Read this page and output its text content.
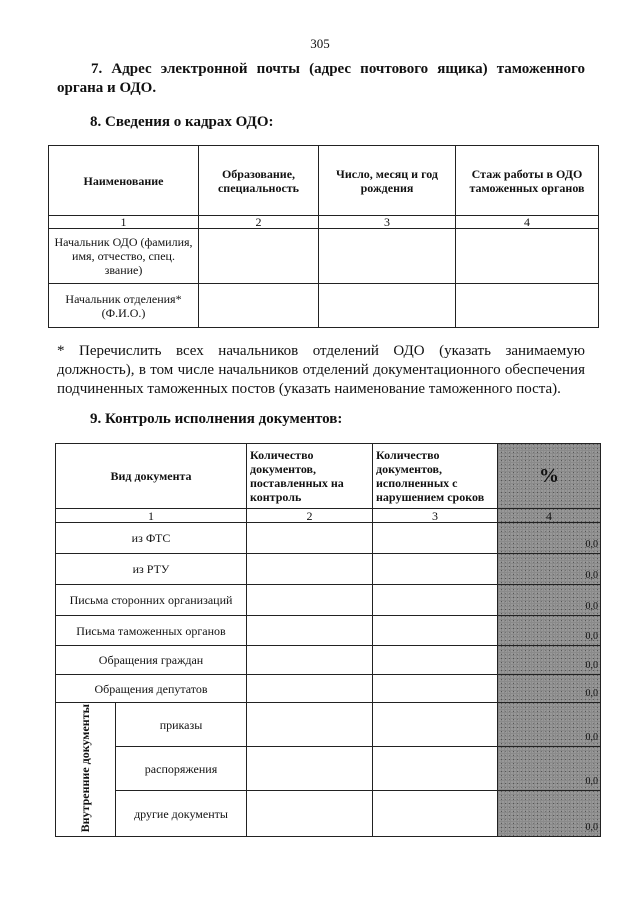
305

7. Адрес электронной почты (адрес почтового ящика) таможенного органа и ОДО.

8. Сведения о кадрах ОДО:
Наименование	Образование, специальность	Число, месяц и год рождения	Стаж работы в ОДО таможенных органов
1	2	3	4
Начальник ОДО (фамилия, имя, отчество, спец. звание)			
Начальник отделения* (Ф.И.О.)			

* Перечислить всех начальников отделений ОДО (указать занимаемую должность), в том числе начальников отделений документационного обеспечения подчиненных таможенных постов (указать наименование таможенного поста).

9. Контроль исполнения документов:
Вид документа		Количество документов, поставленных на контроль	Количество документов, исполненных с нарушением сроков	%
1		2	3	4
из ФТС				0,0

из РТУ				0,0

Письма сторонних организаций				0,0

Письма таможенных органов				0,0

Обращения граждан				0,0

Обращения депутатов				0,0

Внутренние документы	приказы			0,0

	распоряжения			0,0

	другие документы			0,0
